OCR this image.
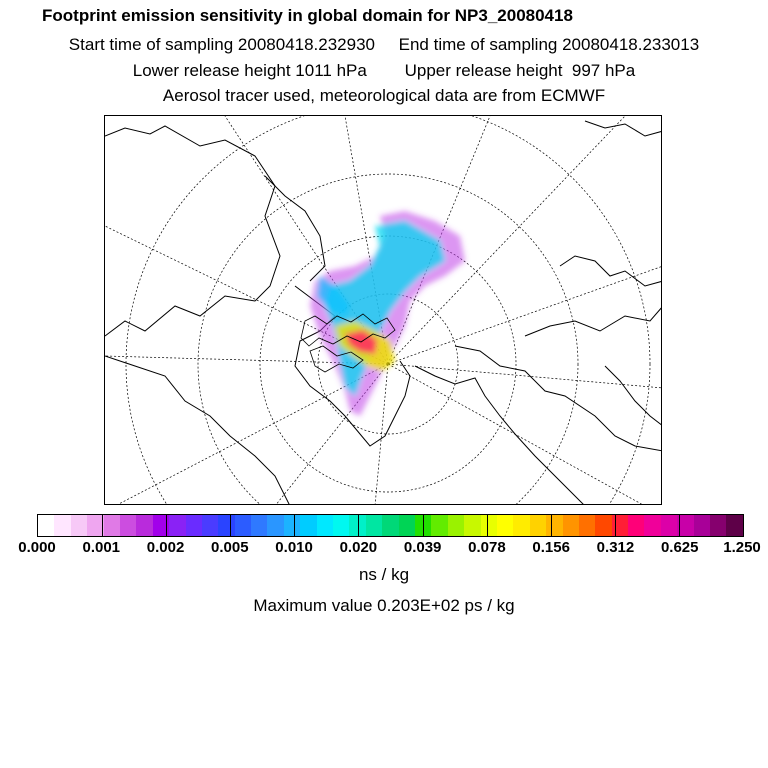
Footprint emission sensitivity in global domain for NP3_20080418
Start time of sampling 20080418.232930     End time of sampling 20080418.233013
Lower release height 1011 hPa        Upper release height  997 hPa
Aerosol tracer used, meteorological data are from ECMWF
0.000 0.001 0.002 0.005 0.010 0.020 0.039 0.078 0.156 0.312 0.625 1.250
ns / kg
Maximum value 0.203E+02 ps / kg
